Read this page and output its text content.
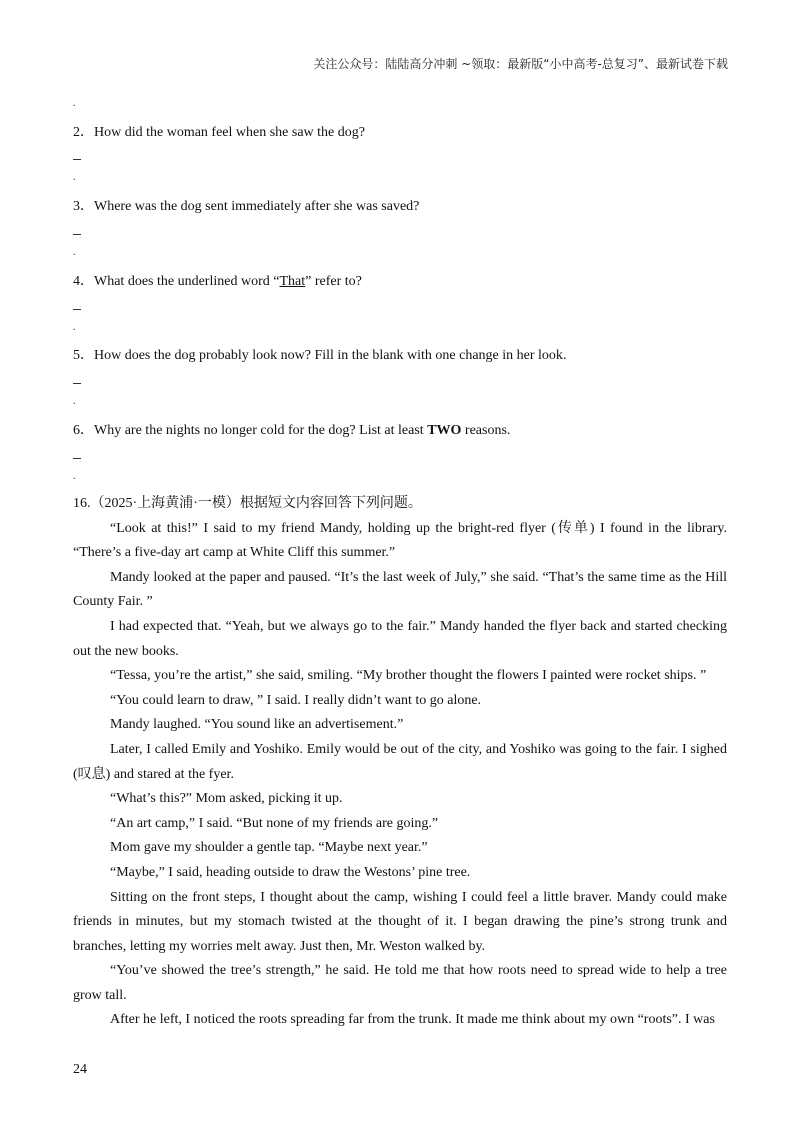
关注公众号：陆陆高分冲刺 ~领取：最新版“小中高考-总复习”、最新试卷下载
.
2．How did the woman feel when she saw the dog?
.
3．Where was the dog sent immediately after she was saved?
.
4．What does the underlined word “That” refer to?
.
5．How does the dog probably look now? Fill in the blank with one change in her look.
.
6．Why are the nights no longer cold for the dog? List at least TWO reasons.
.

16.（2025·上海黄浦·一模）根据短文内容回答下列问题。

“Look at this!” I said to my friend Mandy, holding up the bright-red flyer (传单) I found in the library. “There’s a five-day art camp at White Cliff this summer.”

Mandy looked at the paper and paused. “It’s the last week of July,” she said. “That’s the same time as the Hill County Fair. ”

I had expected that. “Yeah, but we always go to the fair.” Mandy handed the flyer back and started checking out the new books.

“Tessa, you’re the artist,” she said, smiling. “My brother thought the flowers I painted were rocket ships. ”

“You could learn to draw, ” I said. I really didn’t want to go alone.

Mandy laughed. “You sound like an advertisement.”

Later, I called Emily and Yoshiko. Emily would be out of the city, and Yoshiko was going to the fair. I sighed (叹息) and stared at the fyer.

“What’s this?” Mom asked, picking it up.

“An art camp,” I said. “But none of my friends are going.”

Mom gave my shoulder a gentle tap. “Maybe next year.”

“Maybe,” I said, heading outside to draw the Westons’ pine tree.

Sitting on the front steps, I thought about the camp, wishing I could feel a little braver. Mandy could make friends in minutes, but my stomach twisted at the thought of it. I began drawing the pine’s strong trunk and branches, letting my worries melt away. Just then, Mr. Weston walked by.

“You’ve showed the tree’s strength,” he said. He told me that how roots need to spread wide to help a tree grow tall.

After he left, I noticed the roots spreading far from the trunk. It made me think about my own “roots”. I was

24
